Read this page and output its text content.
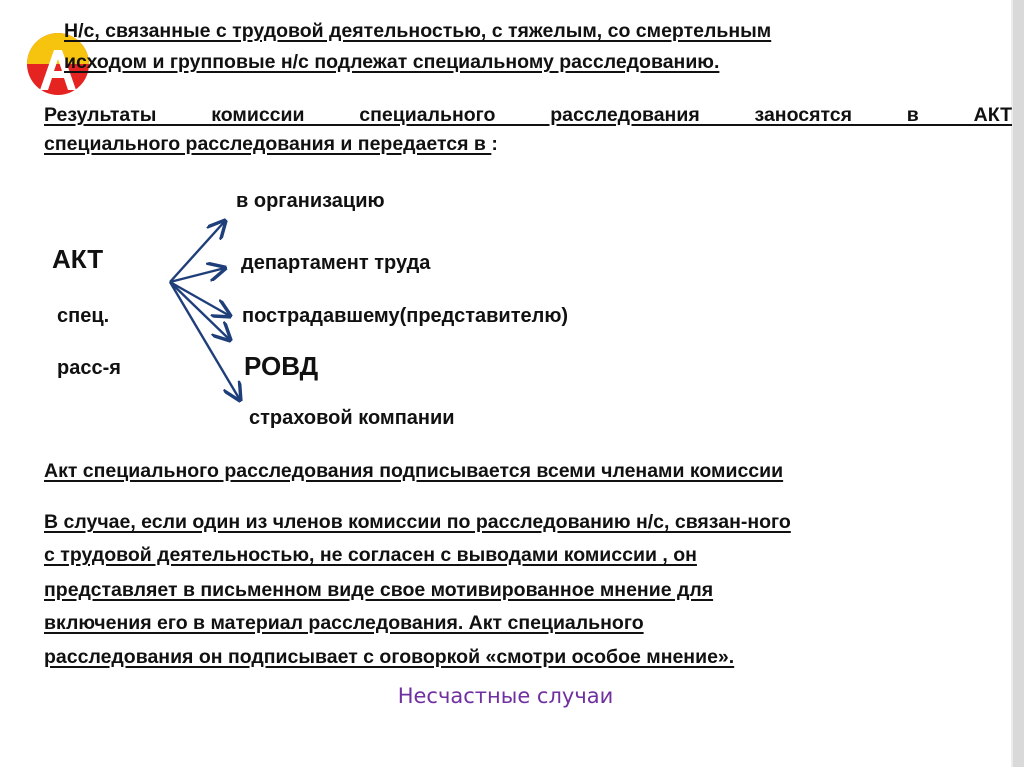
Н/с, связанные с трудовой деятельностью, с тяжелым, со смертельным

исходом и групповые н/с подлежат специальному расследованию.

Результаты комиссии специального расследования заносятся в АКТ

специального расследования и передается в :

в организацию

АКТ	департамент труда

спец.	пострадавшему(представителю)

расс-я	РОВД

страховой компании

Акт специального расследования подписывается всеми членами комиссии

В случае, если один из членов комиссии по расследованию н/с, связан-ного

с трудовой деятельностью, не согласен с выводами комиссии , он

представляет в письменном виде свое мотивированное мнение для

включения его в материал расследования. Акт специального

расследования он подписывает с оговоркой «смотри особое мнение».

Несчастные случаи
